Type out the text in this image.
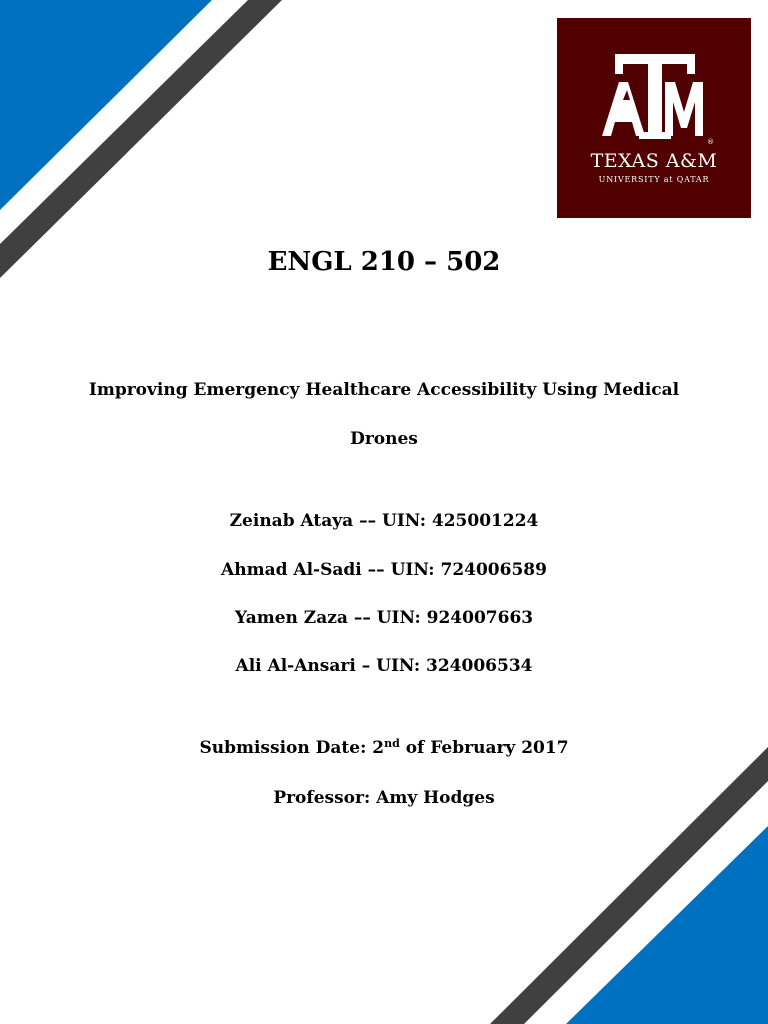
®
TEXAS A&M
UNIVERSITY at QATAR
ENGL 210 – 502
Improving Emergency Healthcare Accessibility Using Medical
Drones
Zeinab Ataya –– UIN: 425001224
Ahmad Al-Sadi –– UIN: 724006589
Yamen Zaza –– UIN: 924007663
Ali Al-Ansari – UIN: 324006534
Submission Date: 2nd of February 2017
Professor: Amy Hodges
